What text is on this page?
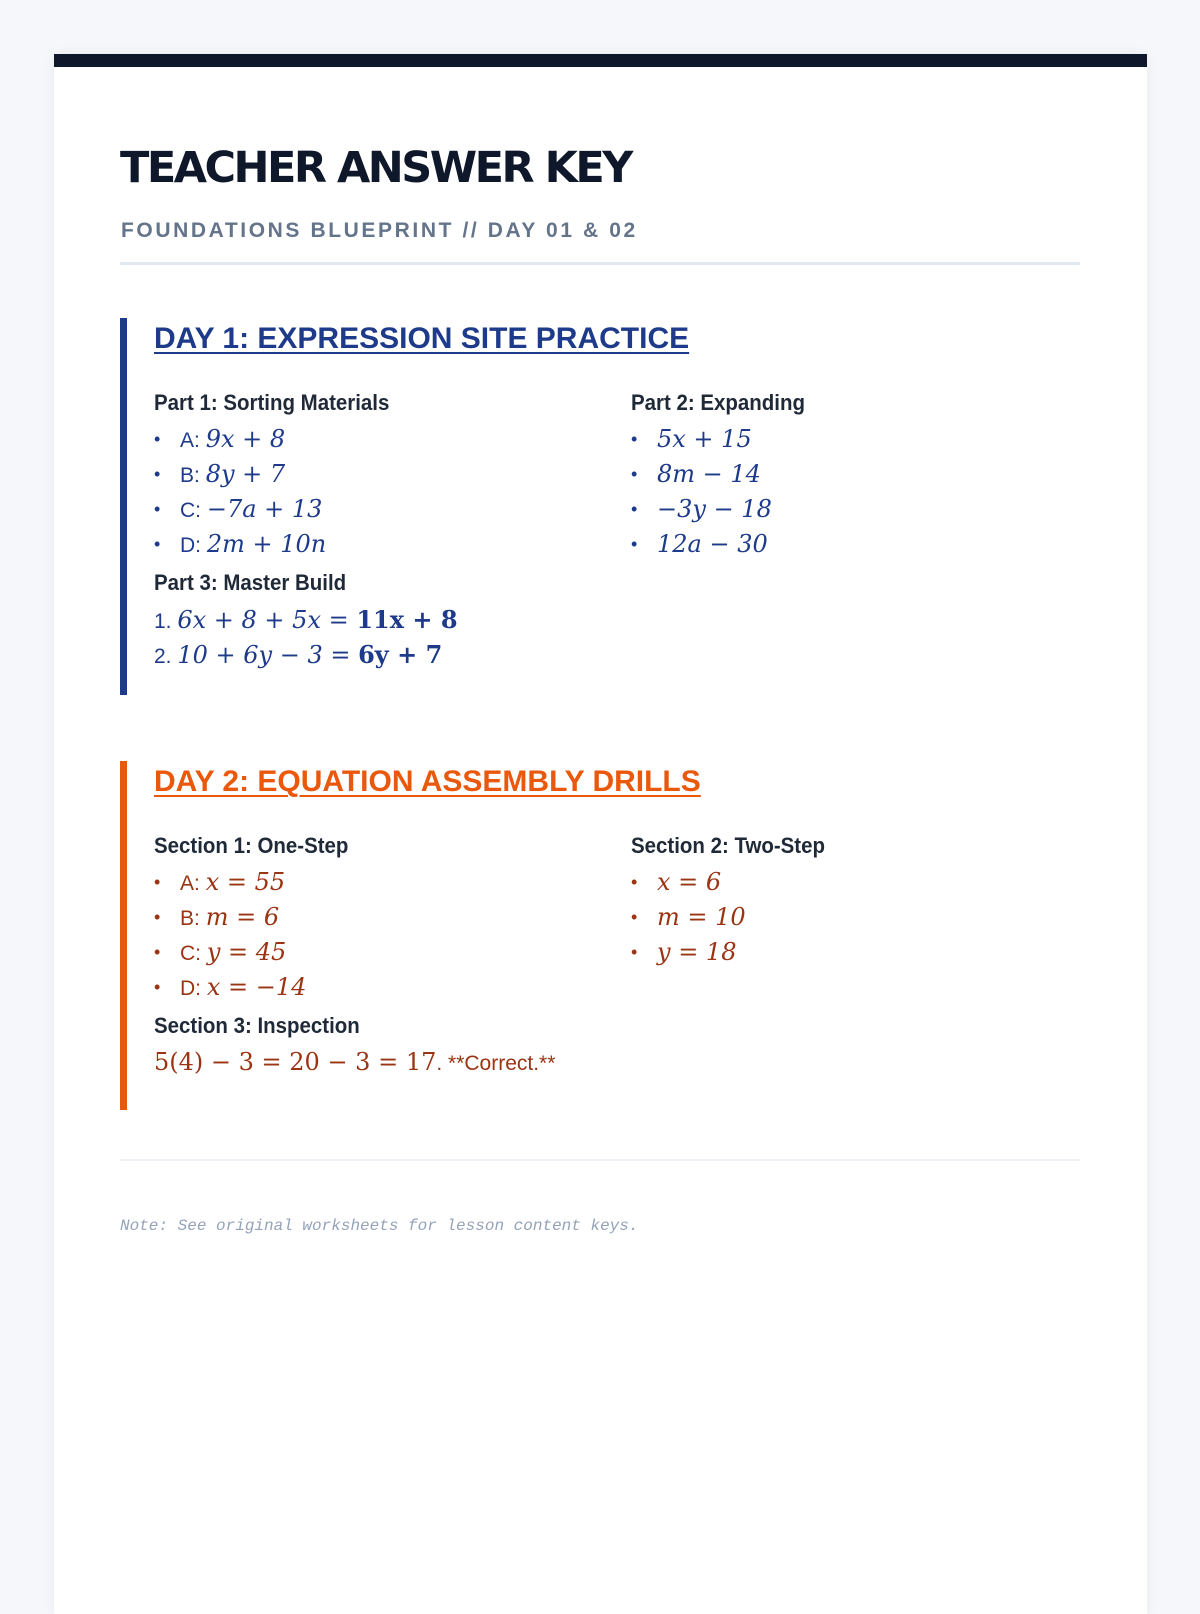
TEACHER ANSWER KEY
FOUNDATIONS BLUEPRINT // DAY 01 & 02
DAY 1: EXPRESSION SITE PRACTICE
Part 1: Sorting Materials
• A: 9x + 8
• B: 8y + 7
• C: −7a + 13
• D: 2m + 10n
Part 2: Expanding
• 5x + 15
• 8m − 14
• −3y − 18
• 12a − 30
Part 3: Master Build
1. 6x + 8 + 5x = 11x + 8
2. 10 + 6y − 3 = 6y + 7
DAY 2: EQUATION ASSEMBLY DRILLS
Section 1: One-Step
• A: x = 55
• B: m = 6
• C: y = 45
• D: x = −14
Section 2: Two-Step
• x = 6
• m = 10
• y = 18
Section 3: Inspection
5(4) − 3 = 20 − 3 = 17. **Correct.**
Note: See original worksheets for lesson content keys.
